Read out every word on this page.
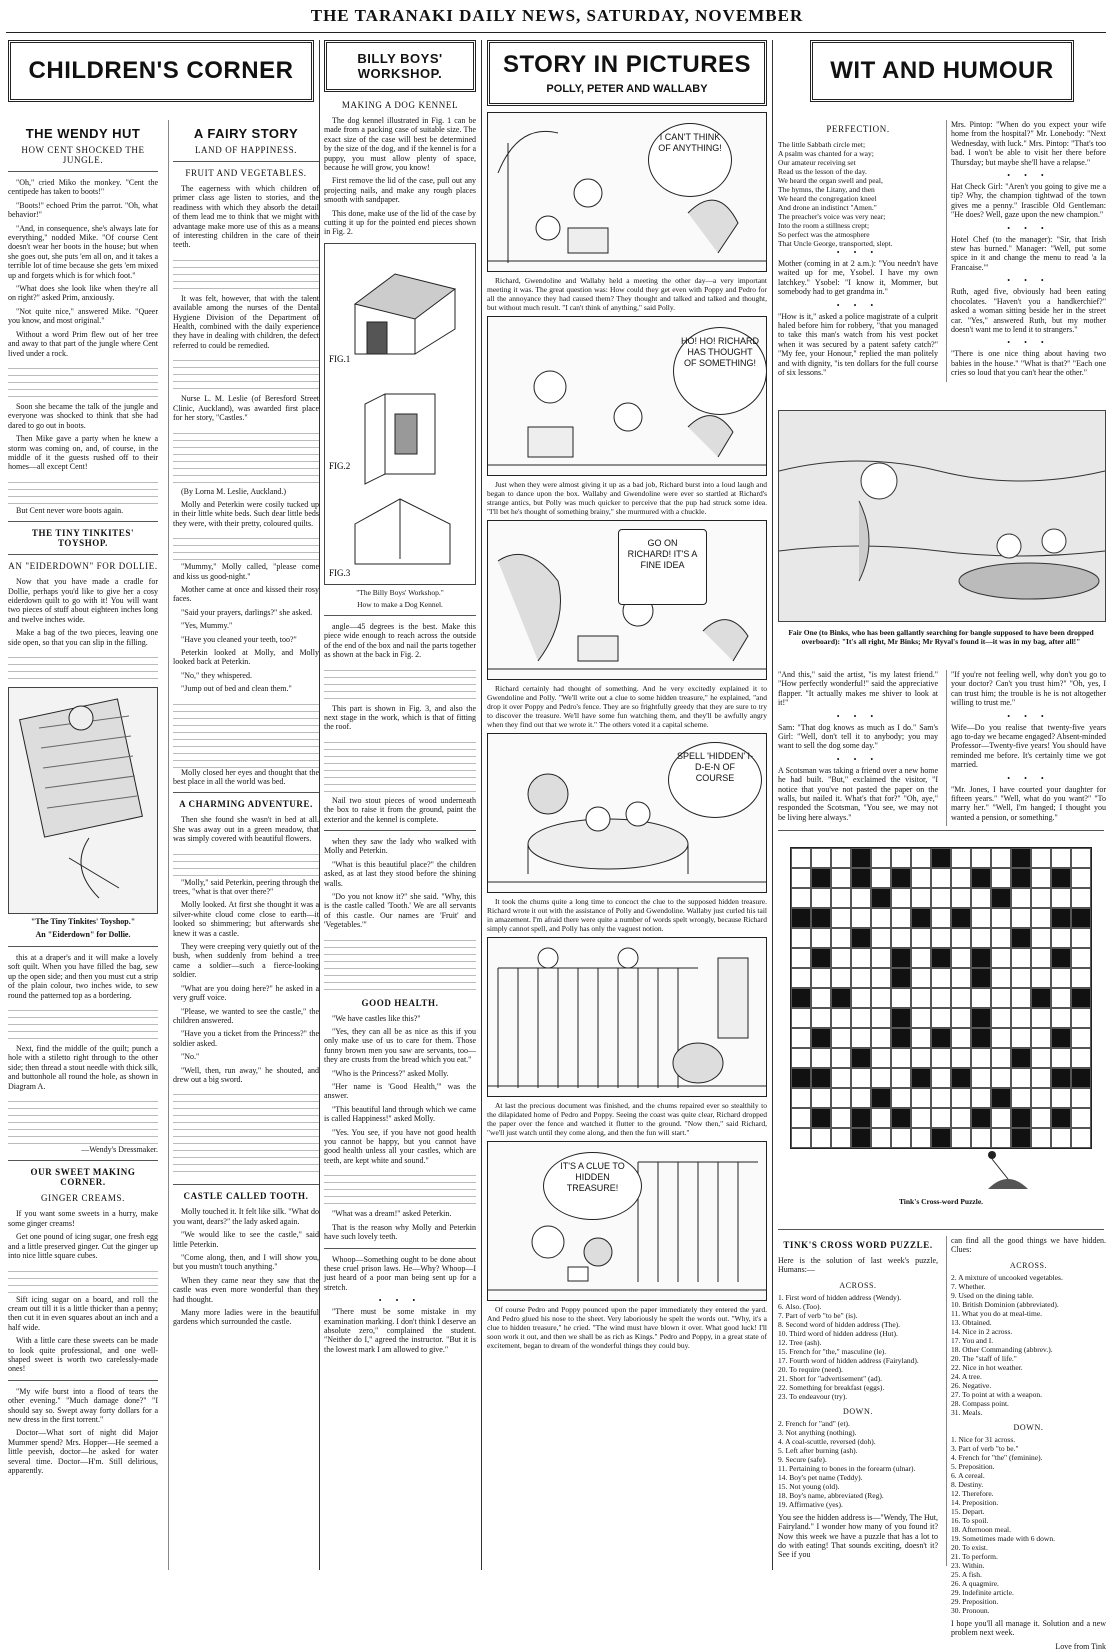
THE TARANAKI DAILY NEWS, SATURDAY, NOVEMBER
CHILDREN'S CORNER
THE WENDY HUT
HOW CENT SHOCKED THE JUNGLE.

"Oh," cried Miko the monkey. "Cent the centipede has taken to boots!"

"Boots!" echoed Prim the parrot. "Oh, what behavior!"

"And, in consequence, she's always late for everything," nodded Mike. "Of course Cent doesn't wear her boots in the house; but when she goes out, she puts 'em all on, and it takes a terrible lot of time because she gets 'em mixed up and forgets which is for which foot."

"What does she look like when they're all on right?" asked Prim, anxiously.

"Not quite nice," answered Mike. "Queer you know, and most original."

Without a word Prim flew out of her tree and away to that part of the jungle where Cent lived under a rock.

Soon she became the talk of the jungle and everyone was shocked to think that she had dared to go out in boots.

Then Mike gave a party when he knew a storm was coming on, and, of course, in the middle of it the guests rushed off to their homes—all except Cent!

But Cent never wore boots again.

THE TINY TINKITES' TOYSHOP.
AN "EIDERDOWN" FOR DOLLIE.

Now that you have made a cradle for Dollie, perhaps you'd like to give her a cosy eiderdown quilt to go with it! You will want two pieces of stuff about eighteen inches long and twelve inches wide.

Make a bag of the two pieces, leaving one side open, so that you can slip in the filling.

"The Tiny Tinkites' Toyshop."
An "Eiderdown" for Dollie.

this at a draper's and it will make a lovely soft quilt. When you have filled the bag, sew up the open side; and then you must cut a strip of the plain colour, two inches wide, to sew round the patterned top as a bordering.

Next, find the middle of the quilt; punch a hole with a stiletto right through to the other side; then thread a stout needle with thick silk, and buttonhole all round the hole, as shown in Diagram A.

—Wendy's Dressmaker.

OUR SWEET MAKING CORNER.
GINGER CREAMS.

If you want some sweets in a hurry, make some ginger creams!

Get one pound of icing sugar, one fresh egg and a little preserved ginger. Cut the ginger up into nice little square cubes.

Sift icing sugar on a board, and roll the cream out till it is a little thicker than a penny; then cut it in even squares about an inch and a half wide.

With a little care these sweets can be made to look quite professional, and one well-shaped sweet is worth two carelessly-made ones!

"My wife burst into a flood of tears the other evening." "Much damage done?" "I should say so. Swept away forty dollars for a new dress in the first torrent."

Doctor—What sort of night did Major Mummer spend? Mrs. Hopper—He seemed a little peevish, doctor—he asked for water several time. Doctor—H'm. Still delirious, apparently.

A FAIRY STORY
LAND OF HAPPINESS.
FRUIT AND VEGETABLES.

The eagerness with which children of primer class age listen to stories, and the readiness with which they absorb the detail of them lead me to think that we might with advantage make more use of this as a means of interesting children in the care of their teeth.

It was felt, however, that with the talent available among the nurses of the Dental Hygiene Division of the Department of Health, combined with the daily experience they have in dealing with children, the defect referred to could be remedied.

Nurse L. M. Leslie (of Beresford Street Clinic, Auckland), was awarded first place for her story, "Castles."

(By Lorna M. Leslie, Auckland.)

Molly and Peterkin were cosily tucked up in their little white beds. Such dear little beds they were, with their pretty, coloured quilts.

"Mummy," Molly called, "please come and kiss us good-night."

Mother came at once and kissed their rosy faces.

"Said your prayers, darlings?" she asked.

"Yes, Mummy."

"Have you cleaned your teeth, too?"

Peterkin looked at Molly, and Molly looked back at Peterkin.

"No," they whispered.

"Jump out of bed and clean them."

Molly closed her eyes and thought that the best place in all the world was bed.

A CHARMING ADVENTURE.

Then she found she wasn't in bed at all. She was away out in a green meadow, that was simply covered with beautiful flowers.

"Molly," said Peterkin, peering through the trees, "what is that over there?"

Molly looked. At first she thought it was a silver-white cloud come close to earth—it looked so shimmering; but afterwards she knew it was a castle.

They were creeping very quietly out of the bush, when suddenly from behind a tree came a soldier—such a fierce-looking soldier.

"What are you doing here?" he asked in a very gruff voice.

"Please, we wanted to see the castle," the children answered.

"Have you a ticket from the Princess?" the soldier asked.

"No."

"Well, then, run away," he shouted, and drew out a big sword.

CASTLE CALLED TOOTH.

Molly touched it. It felt like silk. "What do you want, dears?" the lady asked again.

"We would like to see the castle," said little Peterkin.

"Come along, then, and I will show you, but you mustn't touch anything."

When they came near they saw that the castle was even more wonderful than they had thought.

Many more ladies were in the beautiful gardens which surrounded the castle.

BILLY BOYS' WORKSHOP.
MAKING A DOG KENNEL

The dog kennel illustrated in Fig. 1 can be made from a packing case of suitable size. The exact size of the case will best be determined by the size of the dog, and if the kennel is for a puppy, you must allow plenty of space, because he will grow, you know!

First remove the lid of the case, pull out any projecting nails, and make any rough places smooth with sandpaper.

This done, make use of the lid of the case by cutting it up for the pointed end pieces shown in Fig. 2.

FIG.1
FIG.2
FIG.3
"The Billy Boys' Workshop."
How to make a Dog Kennel.

angle—45 degrees is the best. Make this piece wide enough to reach across the outside of the end of the box and nail the parts together as shown at the back in Fig. 2.

This part is shown in Fig. 3, and also the next stage in the work, which is that of fitting the roof.

Nail two stout pieces of wood underneath the box to raise it from the ground, paint the exterior and the kennel is complete.

when they saw the lady who walked with Molly and Peterkin.

"What is this beautiful place?" the children asked, as at last they stood before the shining walls.

"Do you not know it?" she said. "Why, this is the castle called 'Tooth.' We are all servants of this castle. Our names are 'Fruit' and 'Vegetables.'"

GOOD HEALTH.

"We have castles like this?"

"Yes, they can all be as nice as this if you only make use of us to care for them. Those funny brown men you saw are servants, too—they are crusts from the bread which you eat."

"Who is the Princess?" asked Molly.

"Her name is 'Good Health,'" was the answer.

"This beautiful land through which we came is called Happiness!" asked Molly.

"Yes. You see, if you have not good health you cannot be happy, but you cannot have good health unless all your castles, which are teeth, are kept white and sound."

"What was a dream!" asked Peterkin.

That is the reason why Molly and Peterkin have such lovely teeth.

Whoop—Something ought to be done about these cruel prison laws. He—Why? Whoop—I just heard of a poor man being sent up for a stretch.

• • •

"There must be some mistake in my examination marking. I don't think I deserve an absolute zero," complained the student. "Neither do I," agreed the instructor. "But it is the lowest mark I am allowed to give."

STORY IN PICTURES
POLLY, PETER AND WALLABY
I CAN'T THINK OF ANYTHING!

Richard, Gwendoline and Wallaby held a meeting the other day—a very important meeting it was. The great question was: How could they get even with Poppy and Pedro for all the annoyance they had caused them? They thought and talked and talked and thought, but without much result. "I can't think of anything," said Polly.

HO! HO! RICHARD HAS THOUGHT OF SOMETHING!

Just when they were almost giving it up as a bad job, Richard burst into a loud laugh and began to dance upon the box. Wallaby and Gwendoline were ever so startled at Richard's strange antics, but Polly was much quicker to perceive that the pup had struck some idea. "I'll bet he's thought of something brainy," she murmured with a chuckle.

GO ON RICHARD! IT'S A FINE IDEA

Richard certainly had thought of something. And he very excitedly explained it to Gwendoline and Polly. "We'll write out a clue to some hidden treasure," he explained, "and drop it over Poppy and Pedro's fence. They are so frightfully greedy that they are sure to try to discover the treasure. We'll have some fun watching them, and they'll be awfully angry when they find out that we wrote it." The others voted it a capital scheme.

SPELL 'HIDDEN' I-D-E-N OF COURSE

It took the chums quite a long time to concoct the clue to the supposed hidden treasure. Richard wrote it out with the assistance of Polly and Gwendoline. Wallaby just curled his tail in amazement. I'm afraid there were quite a number of words spelt wrongly, because Richard simply cannot spell, and Polly has only the vaguest notion.

At last the precious document was finished, and the chums repaired ever so stealthily to the dilapidated home of Pedro and Poppy. Seeing the coast was quite clear, Richard dropped the paper over the fence and watched it flutter to the ground. "Now then," said Richard, "we'll just watch until they come along, and then the fun will start."

IT'S A CLUE TO HIDDEN TREASURE!

Of course Pedro and Poppy pounced upon the paper immediately they entered the yard. And Pedro glued his nose to the sheet. Very laboriously he spelt the words out. "Why, it's a clue to hidden treasure," he cried. "The wind must have blown it over. What good luck! I'll soon work it out, and then we shall be as rich as Kings." Pedro and Poppy, in a great state of excitement, began to dream of the wonderful things they could buy.

WIT AND HUMOUR
PERFECTION.

The little Sabbath circle met;

A psalm was chanted for a way;

Our amateur receiving set

Read us the lesson of the day.

We heard the organ swell and peal,

The hymns, the Litany, and then

We heard the congregation kneel

And drone an indistinct "Amen."

The preacher's voice was very near;

Into the room a stillness crept;

So perfect was the atmosphere

That Uncle George, transported, slept.

• • •

Mother (coming in at 2 a.m.): "You needn't have waited up for me, Ysobel. I have my own latchkey." Ysobel: "I know it, Mommer, but somebody had to get grandma in."

• • •

"How is it," asked a police magistrate of a culprit haled before him for robbery, "that you managed to take this man's watch from his vest pocket when it was secured by a patent safety catch?" "My fee, your Honour," replied the man politely and with dignity, "is ten dollars for the full course of six lessons."

Mrs. Pintop: "When do you expect your wife home from the hospital?" Mr. Lonebody: "Next Wednesday, with luck." Mrs. Pintop: "That's too bad. I won't be able to visit her there before Thursday; but maybe she'll have a relapse."

• • •

Hat Check Girl: "Aren't you going to give me a tip? Why, the champion tightwad of the town gives me a penny." Irascible Old Gentleman: "He does? Well, gaze upon the new champion."

• • •

Hotel Chef (to the manager): "Sir, that Irish stew has burned." Manager: "Well, put some spice in it and change the menu to read 'a la Francaise.'"

• • •

Ruth, aged five, obviously had been eating chocolates. "Haven't you a handkerchief?" asked a woman sitting beside her in the street car. "Yes," answered Ruth, but my mother doesn't want me to lend it to strangers."

• • •

"There is one nice thing about having two babies in the house." "What is that?" "Each one cries so loud that you can't hear the other."

Fair One (to Binks, who has been gallantly searching for bangle supposed to have been dropped overboard): "It's all right, Mr Binks; Mr Ryval's found it—it was in my bag, after all!"

"And this," said the artist, "is my latest friend." "How perfectly wonderful!" said the appreciative flapper. "It actually makes me shiver to look at it!"

• • •

Sam: "That dog knows as much as I do." Sam's Girl: "Well, don't tell it to anybody; you may want to sell the dog some day."

• • •

A Scotsman was taking a friend over a new home he had built. "But," exclaimed the visitor, "I notice that you've not pasted the paper on the walls, but nailed it. What's that for?" "Oh, aye," responded the Scotsman, "You see, we may not be living here always."

"If you're not feeling well, why don't you go to your doctor? Can't you trust him?" "Oh, yes, I can trust him; the trouble is he is not altogether willing to trust me."

• • •

Wife—Do you realise that twenty-five years ago to-day we became engaged? Absent-minded Professor—Twenty-five years! You should have reminded me before. It's certainly time we got married.

• • •

"Mr. Jones, I have courted your daughter for fifteen years." "Well, what do you want?" "To marry her." "Well, I'm hanged; I thought you wanted a pension, or something."

Tink's Cross-word Puzzle.
TINK'S CROSS WORD PUZZLE.

Here is the solution of last week's puzzle, Humans:—

ACROSS.

1. First word of hidden address (Wendy).

6. Also. (Too).

7. Part of verb "to be" (is).

8. Second word of hidden address (The).

10. Third word of hidden address (Hut).

12. Tree (ash).

15. French for "the," masculine (le).

17. Fourth word of hidden address (Fairyland).

20. To require (need).

21. Short for "advertisement" (ad).

22. Something for breakfast (eggs).

23. To endeavour (try).

DOWN.

2. French for "and" (et).

3. Not anything (nothing).

4. A coal-scuttle, reversed (doh).

5. Left after burning (ash).

9. Secure (safe).

11. Pertaining to bones in the forearm (ulnar).

14. Boy's pet name (Teddy).

15. Not young (old).

18. Boy's name, abbreviated (Reg).

19. Affirmative (yes).

You see the hidden address is—"Wendy, The Hut, Fairyland." I wonder how many of you found it? Now this week we have a puzzle that has a lot to do with eating! That sounds exciting, doesn't it? See if you

can find all the good things we have hidden. Clues:

ACROSS.

2. A mixture of uncooked vegetables.

7. Whether.

9. Used on the dining table.

10. British Dominion (abbreviated).

11. What you do at meal-time.

13. Obtained.

14. Nice in 2 across.

17. You and I.

18. Other Commanding (abbrev.).

20. The "staff of life."

22. Nice in hot weather.

24. A tree.

26. Negative.

27. To point at with a weapon.

28. Compass point.

31. Meals.

DOWN.

1. Nice for 31 across.

3. Part of verb "to be."

4. French for "the" (feminine).

5. Preposition.

6. A cereal.

8. Destiny.

12. Therefore.

14. Preposition.

15. Depart.

16. To spoil.

18. Afternoon meal.

19. Sometimes made with 6 down.

20. To exist.

21. To perform.

23. Within.

25. A fish.

26. A quagmire.

29. Indefinite article.

29. Preposition.

30. Pronoun.

I hope you'll all manage it. Solution and a new problem next week.

Love from Tink
